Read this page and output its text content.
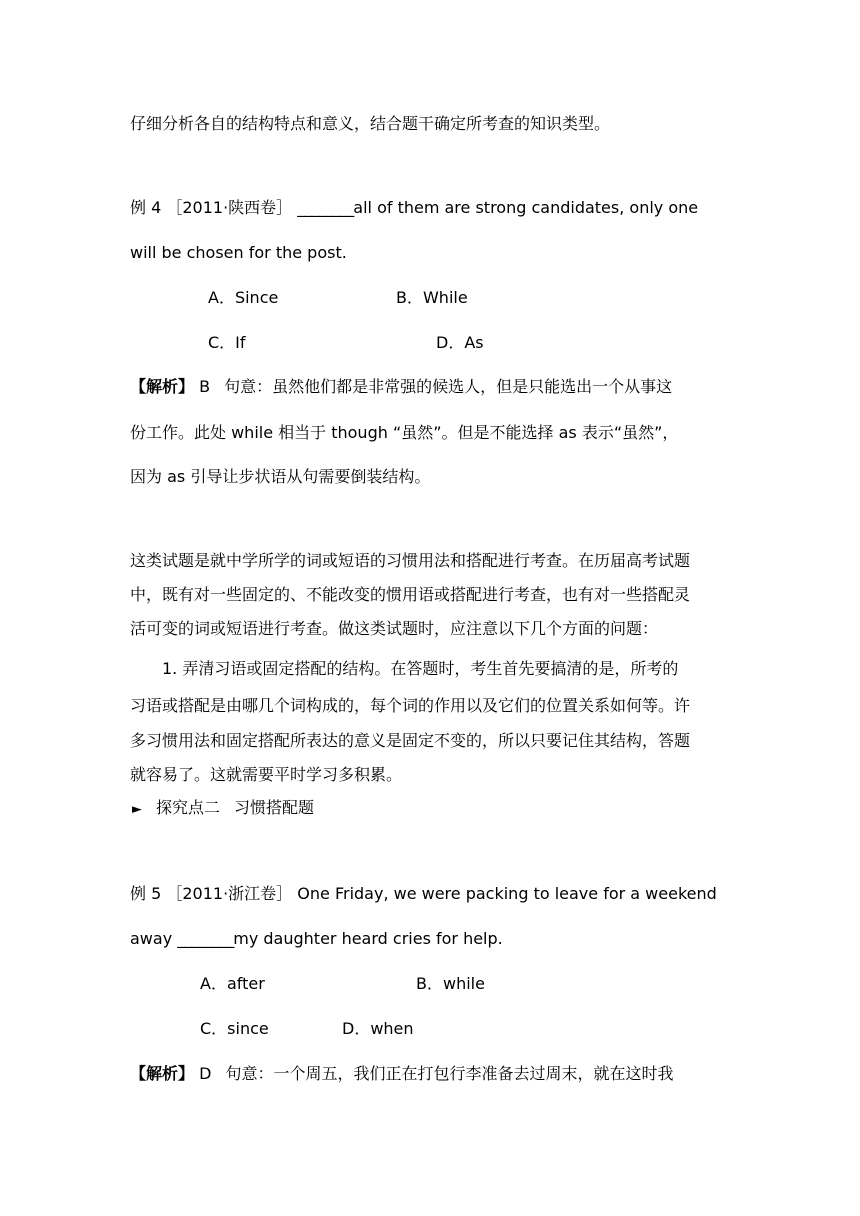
仔细分析各自的结构特点和意义，结合题干确定所考查的知识类型。
例 4 ［2011·陕西卷］ ________all of them are strong candidates, only one
will be chosen for the post.
A．Since	B．While
C．If	D．As
【解析】 B 句意：虽然他们都是非常强的候选人，但是只能选出一个从事这
份工作。此处 while 相当于 though “虽然”。但是不能选择 as 表示“虽然”，
因为 as 引导让步状语从句需要倒装结构。
这类试题是就中学所学的词或短语的习惯用法和搭配进行考查。在历届高考试题
中，既有对一些固定的、不能改变的惯用语或搭配进行考查，也有对一些搭配灵
活可变的词或短语进行考查。做这类试题时，应注意以下几个方面的问题：
1. 弄清习语或固定搭配的结构。在答题时，考生首先要搞清的是，所考的
习语或搭配是由哪几个词构成的，每个词的作用以及它们的位置关系如何等。许
多习惯用法和固定搭配所表达的意义是固定不变的，所以只要记住其结构，答题
就容易了。这就需要平时学习多积累。
► 探究点二 习惯搭配题
例 5 ［2011·浙江卷］ One Friday, we were packing to leave for a weekend
away ________my daughter heard cries for help.
A．after	B．while
C．since	D．when
【解析】 D 句意：一个周五，我们正在打包行李准备去过周末，就在这时我
